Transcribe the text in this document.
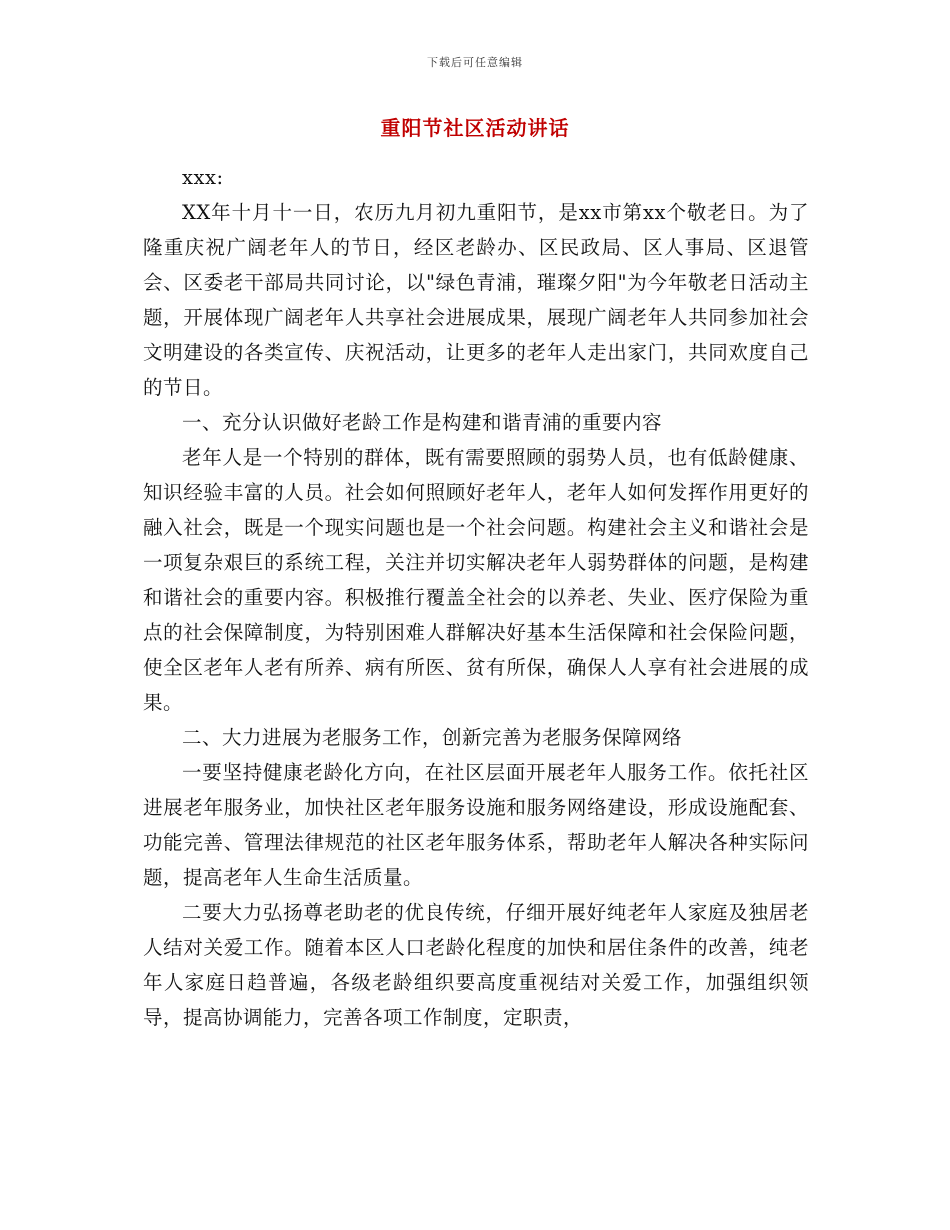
下载后可任意编辑
重阳节社区活动讲话

xxx:

XX年十月十一日，农历九月初九重阳节，是xx市第xx个敬老日。为了隆重庆祝广阔老年人的节日，经区老龄办、区民政局、区人事局、区退管会、区委老干部局共同讨论，以"绿色青浦，璀璨夕阳"为今年敬老日活动主题，开展体现广阔老年人共享社会进展成果，展现广阔老年人共同参加社会文明建设的各类宣传、庆祝活动，让更多的老年人走出家门，共同欢度自己的节日。

一、充分认识做好老龄工作是构建和谐青浦的重要内容

老年人是一个特别的群体，既有需要照顾的弱势人员，也有低龄健康、知识经验丰富的人员。社会如何照顾好老年人，老年人如何发挥作用更好的融入社会，既是一个现实问题也是一个社会问题。构建社会主义和谐社会是一项复杂艰巨的系统工程，关注并切实解决老年人弱势群体的问题，是构建和谐社会的重要内容。积极推行覆盖全社会的以养老、失业、医疗保险为重点的社会保障制度，为特别困难人群解决好基本生活保障和社会保险问题，使全区老年人老有所养、病有所医、贫有所保，确保人人享有社会进展的成果。

二、大力进展为老服务工作，创新完善为老服务保障网络

一要坚持健康老龄化方向，在社区层面开展老年人服务工作。依托社区进展老年服务业，加快社区老年服务设施和服务网络建设，形成设施配套、功能完善、管理法律规范的社区老年服务体系，帮助老年人解决各种实际问题，提高老年人生命生活质量。

二要大力弘扬尊老助老的优良传统，仔细开展好纯老年人家庭及独居老人结对关爱工作。随着本区人口老龄化程度的加快和居住条件的改善，纯老年人家庭日趋普遍，各级老龄组织要高度重视结对关爱工作，加强组织领导，提高协调能力，完善各项工作制度，定职责，
